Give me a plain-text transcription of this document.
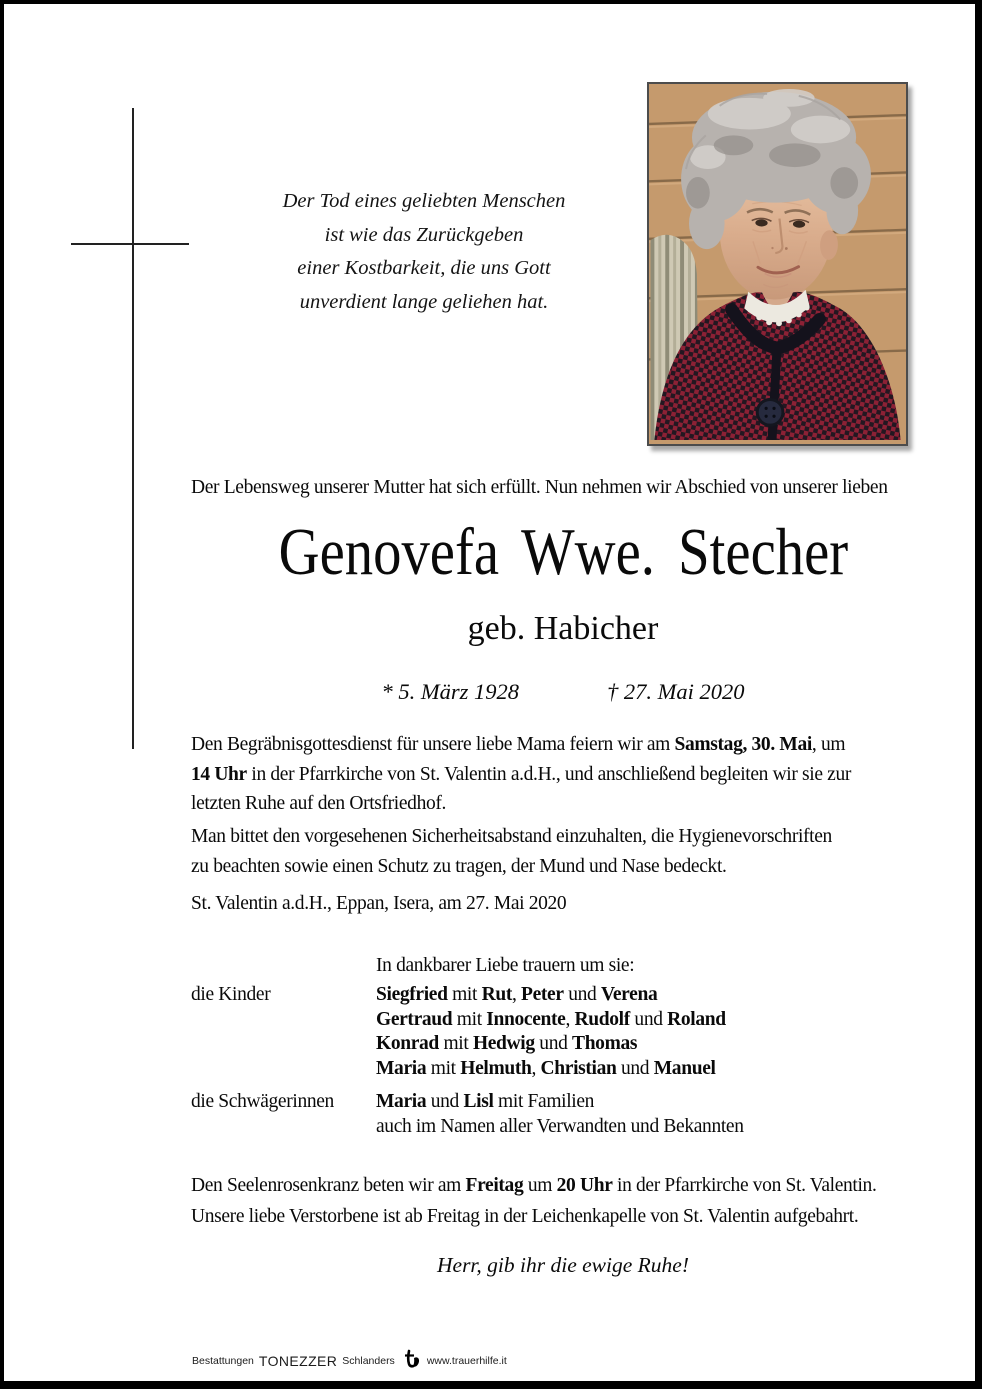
Der Tod eines geliebten Menschen
ist wie das Zurückgeben
einer Kostbarkeit, die uns Gott
unverdient lange geliehen hat.
Der Lebensweg unserer Mutter hat sich erfüllt. Nun nehmen wir Abschied von unserer lieben
Genovefa Wwe. Stecher
geb. Habicher
* 5. März 1928	† 27. Mai 2020
Den Begräbnisgottesdienst für unsere liebe Mama feiern wir am Samstag, 30. Mai, um
14 Uhr in der Pfarrkirche von St. Valentin a.d.H., und anschließend begleiten wir sie zur
letzten Ruhe auf den Ortsfriedhof.
Man bittet den vorgesehenen Sicherheitsabstand einzuhalten, die Hygienevorschriften
zu beachten sowie einen Schutz zu tragen, der Mund und Nase bedeckt.
St. Valentin a.d.H., Eppan, Isera, am 27. Mai 2020
In dankbarer Liebe trauern um sie:
die Kinder	Siegfried mit Rut, Peter und Verena
Gertraud mit Innocente, Rudolf und Roland
Konrad mit Hedwig und Thomas
Maria mit Helmuth, Christian und Manuel
die Schwägerinnen	Maria und Lisl mit Familien
auch im Namen aller Verwandten und Bekannten
Den Seelenrosenkranz beten wir am Freitag um 20 Uhr in der Pfarrkirche von St. Valentin.
Unsere liebe Verstorbene ist ab Freitag in der Leichenkapelle von St. Valentin aufgebahrt.
Herr, gib ihr die ewige Ruhe!
Bestattungen TONEZZER Schlanders	www.trauerhilfe.it
